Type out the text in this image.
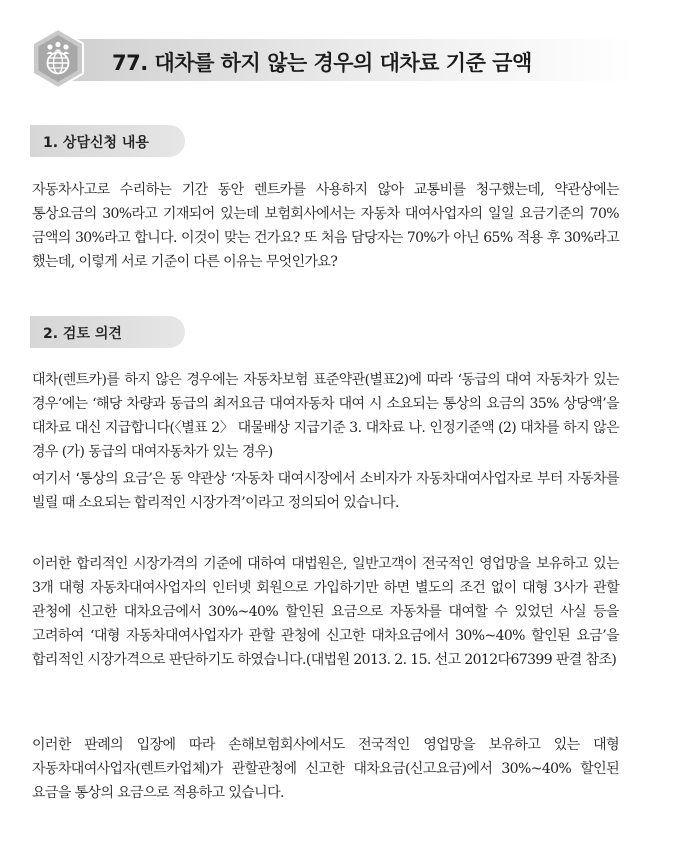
77. 대차를 하지 않는 경우의 대차료 기준 금액
1. 상담신청 내용

자동차사고로 수리하는 기간 동안 렌트카를 사용하지 않아 교통비를 청구했는데, 약관상에는 통상요금의 30%라고 기재되어 있는데 보험회사에서는 자동차 대여사업자의 일일 요금기준의 70%금액의 30%라고 합니다. 이것이 맞는 건가요? 또 처음 담당자는 70%가 아닌 65% 적용 후 30%라고 했는데, 이렇게 서로 기준이 다른 이유는 무엇인가요?

2. 검토 의견

대차(렌트카)를 하지 않은 경우에는 자동차보험 표준약관(별표2)에 따라 ‘동급의 대여 자동차가 있는 경우’에는 ‘해당 차량과 동급의 최저요금 대여자동차 대여 시 소요되는 통상의 요금의 35% 상당액’을 대차료 대신 지급합니다(〈별표 2〉 대물배상 지급기준 3. 대차료 나. 인정기준액 (2) 대차를 하지 않은 경우 (가) 동급의 대여자동차가 있는 경우)

여기서 ‘통상의 요금’은 동 약관상 ‘자동차 대여시장에서 소비자가 자동차대여사업자로 부터 자동차를 빌릴 때 소요되는 합리적인 시장가격’이라고 정의되어 있습니다.

이러한 합리적인 시장가격의 기준에 대하여 대법원은, 일반고객이 전국적인 영업망을 보유하고 있는 3개 대형 자동차대여사업자의 인터넷 회원으로 가입하기만 하면 별도의 조건 없이 대형 3사가 관할 관청에 신고한 대차요금에서 30%~40% 할인된 요금으로 자동차를 대여할 수 있었던 사실 등을 고려하여 ‘대형 자동차대여사업자가 관할 관청에 신고한 대차요금에서 30%~40% 할인된 요금’을 합리적인 시장가격으로 판단하기도 하였습니다.(대법원 2013. 2. 15. 선고 2012다67399 판결 참조)

이러한 판례의 입장에 따라 손해보험회사에서도 전국적인 영업망을 보유하고 있는 대형 자동차대여사업자(렌트카업체)가 관할관청에 신고한 대차요금(신고요금)에서 30%~40% 할인된 요금을 통상의 요금으로 적용하고 있습니다.
